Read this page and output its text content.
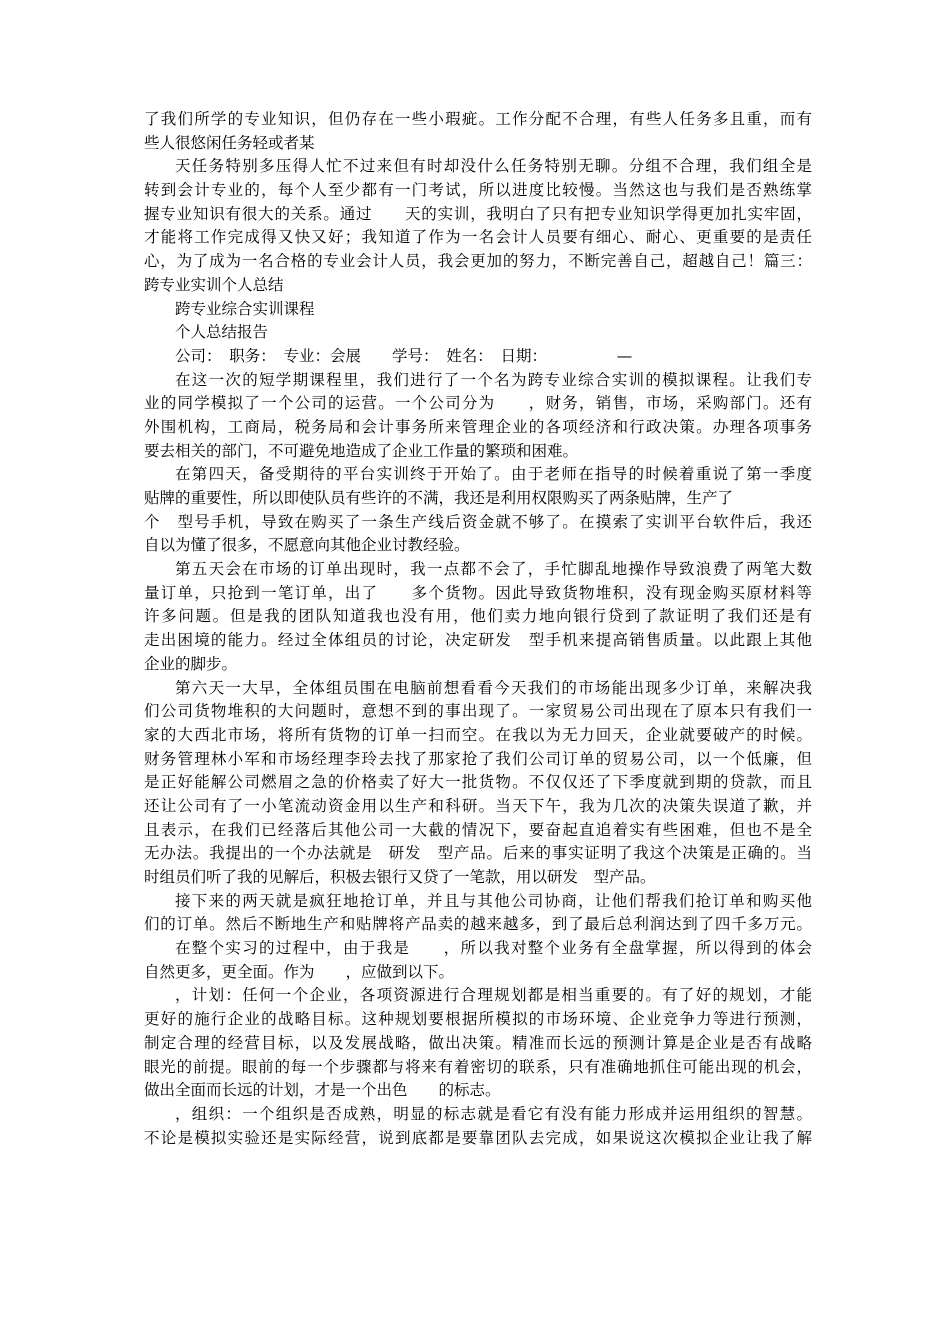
了我们所学的专业知识，但仍存在一些小瑕疵。工作分配不合理，有些人任务多且重，而有
些人很悠闲任务轻或者某
天任务特别多压得人忙不过来但有时却没什么任务特别无聊。分组不合理，我们组全是
转到会计专业的，每个人至少都有一门考试，所以进度比较慢。当然这也与我们是否熟练掌
握专业知识有很大的关系。通过　　天的实训，我明白了只有把专业知识学得更加扎实牢固，
才能将工作完成得又快又好；我知道了作为一名会计人员要有细心、耐心、更重要的是责任
心，为了成为一名合格的专业会计人员，我会更加的努力，不断完善自己，超越自己！篇三：
跨专业实训个人总结
跨专业综合实训课程
个人总结报告
公司：　职务：　专业：会展　　学号：　姓名：　日期：　　　　　—
在这一次的短学期课程里，我们进行了一个名为跨专业综合实训的模拟课程。让我们专
业的同学模拟了一个公司的运营。一个公司分为　　，财务，销售，市场，采购部门。还有
外围机构，工商局，税务局和会计事务所来管理企业的各项经济和行政决策。办理各项事务
要去相关的部门，不可避免地造成了企业工作量的繁琐和困难。
在第四天，备受期待的平台实训终于开始了。由于老师在指导的时候着重说了第一季度
贴牌的重要性，所以即使队员有些许的不满，我还是利用权限购买了两条贴牌，生产了
个　型号手机，导致在购买了一条生产线后资金就不够了。在摸索了实训平台软件后，我还
自以为懂了很多，不愿意向其他企业讨教经验。
第五天会在市场的订单出现时，我一点都不会了，手忙脚乱地操作导致浪费了两笔大数
量订单，只抢到一笔订单，出了　　多个货物。因此导致货物堆积，没有现金购买原材料等
许多问题。但是我的团队知道我也没有用，他们卖力地向银行贷到了款证明了我们还是有
走出困境的能力。经过全体组员的讨论，决定研发　型手机来提高销售质量。以此跟上其他
企业的脚步。
第六天一大早，全体组员围在电脑前想看看今天我们的市场能出现多少订单，来解决我
们公司货物堆积的大问题时，意想不到的事出现了。一家贸易公司出现在了原本只有我们一
家的大西北市场，将所有货物的订单一扫而空。在我以为无力回天，企业就要破产的时候。
财务管理林小军和市场经理李玲去找了那家抢了我们公司订单的贸易公司，以一个低廉，但
是正好能解公司燃眉之急的价格卖了好大一批货物。不仅仅还了下季度就到期的贷款，而且
还让公司有了一小笔流动资金用以生产和科研。当天下午，我为几次的决策失误道了歉，并
且表示，在我们已经落后其他公司一大截的情况下，要奋起直追着实有些困难，但也不是全
无办法。我提出的一个办法就是　研发　型产品。后来的事实证明了我这个决策是正确的。当
时组员们听了我的见解后，积极去银行又贷了一笔款，用以研发　型产品。
接下来的两天就是疯狂地抢订单，并且与其他公司协商，让他们帮我们抢订单和购买他
们的订单。然后不断地生产和贴牌将产品卖的越来越多，到了最后总利润达到了四千多万元。
在整个实习的过程中，由于我是　　，所以我对整个业务有全盘掌握，所以得到的体会
自然更多，更全面。作为　　，应做到以下。
，计划：任何一个企业，各项资源进行合理规划都是相当重要的。有了好的规划，才能
更好的施行企业的战略目标。这种规划要根据所模拟的市场环境、企业竞争力等进行预测，
制定合理的经营目标，以及发展战略，做出决策。精准而长远的预测计算是企业是否有战略
眼光的前提。眼前的每一个步骤都与将来有着密切的联系，只有准确地抓住可能出现的机会，
做出全面而长远的计划，才是一个出色　　的标志。
，组织：一个组织是否成熟，明显的标志就是看它有没有能力形成并运用组织的智慧。
不论是模拟实验还是实际经营，说到底都是要靠团队去完成，如果说这次模拟企业让我了解
